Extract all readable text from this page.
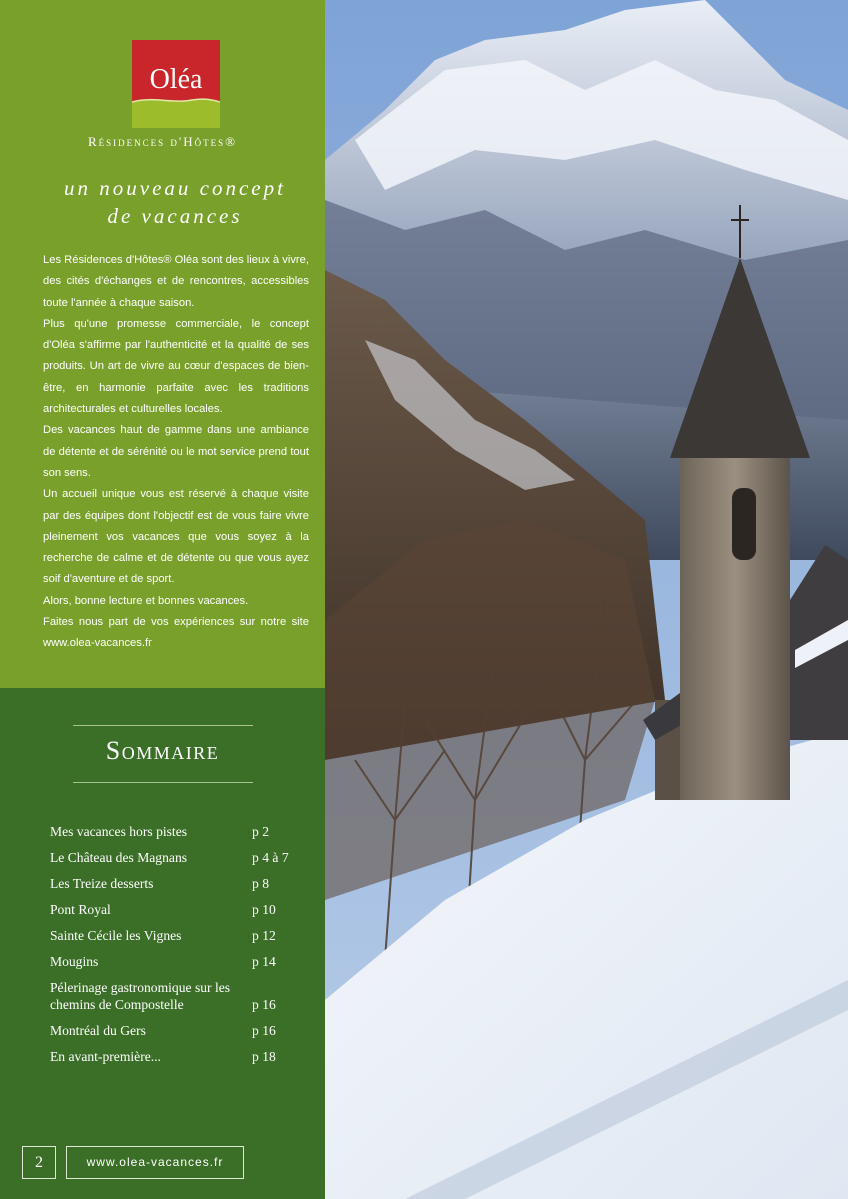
Oléa
Résidences d'Hôtes®
un nouveau concept
de vacances

Les Résidences d'Hôtes® Oléa sont des lieux à vivre, des cités d'échanges et de rencontres, accessibles toute l'année à chaque saison.

Plus qu'une promesse commerciale, le concept d'Oléa s'affirme par l'authenticité et la qualité de ses produits. Un art de vivre au cœur d'espaces de bien-être, en harmonie parfaite avec les traditions architecturales et culturelles locales.

Des vacances haut de gamme dans une ambiance de détente et de sérénité ou le mot service prend tout son sens.

Un accueil unique vous est réservé à chaque visite par des équipes dont l'objectif est de vous faire vivre pleinement vos vacances que vous soyez à la recherche de calme et de détente ou que vous ayez soif d'aventure et de sport.

Alors, bonne lecture et bonnes vacances.

Faites nous part de vos expériences sur notre site www.olea-vacances.fr

Sommaire
Mes vacances hors pistes	p 2
Le Château des Magnans	p 4 à 7
Les Treize desserts	p 8
Pont Royal	p 10
Sainte Cécile les Vignes	p 12
Mougins	p 14
Pélerinage gastronomique sur les chemins de Compostelle	p 16
Montréal du Gers	p 16
En avant-première...	p 18
2	www.olea-vacances.fr
